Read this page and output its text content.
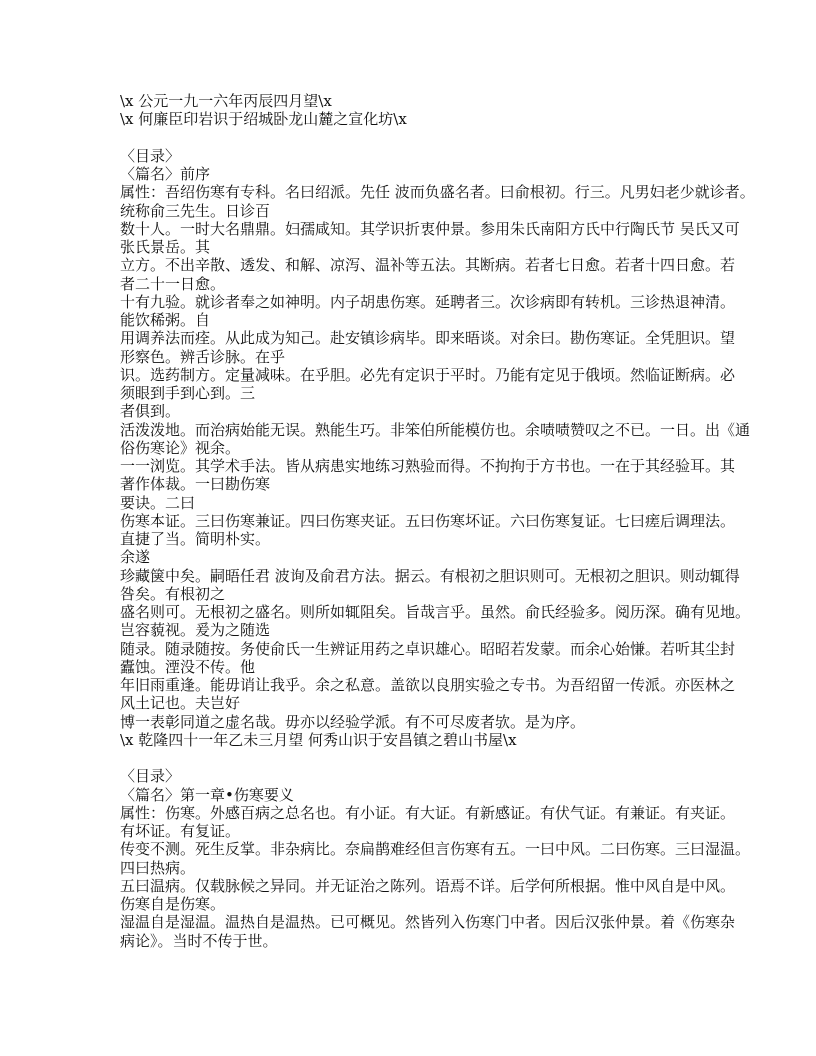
\x 公元一九一六年丙辰四月望\x
\x 何廉臣印岩识于绍城卧龙山麓之宣化坊\x
〈目录〉
〈篇名〉前序
属性：吾绍伤寒有专科。名曰绍派。先任 波而负盛名者。曰俞根初。行三。凡男妇老少就诊者。
统称俞三先生。日诊百
数十人。一时大名鼎鼎。妇孺咸知。其学识折衷仲景。参用朱氏南阳方氏中行陶氏节 吴氏又可
张氏景岳。其
立方。不出辛散、透发、和解、凉泻、温补等五法。其断病。若者七日愈。若者十四日愈。若
者二十一日愈。
十有九验。就诊者奉之如神明。内子胡患伤寒。延聘者三。次诊病即有转机。三诊热退神清。
能饮稀粥。自
用调养法而痊。从此成为知己。赴安镇诊病毕。即来晤谈。对余曰。勘伤寒证。全凭胆识。望
形察色。辨舌诊脉。在乎
识。选药制方。定量减味。在乎胆。必先有定识于平时。乃能有定见于俄顷。然临证断病。必
须眼到手到心到。三
者俱到。
活泼泼地。而治病始能无误。熟能生巧。非笨伯所能模仿也。余啧啧赞叹之不已。一日。出《通
俗伤寒论》视余。
一一浏览。其学术手法。皆从病患实地练习熟验而得。不拘拘于方书也。一在于其经验耳。其
著作体裁。一曰勘伤寒
要诀。二曰
伤寒本证。三曰伤寒兼证。四曰伤寒夹证。五曰伤寒坏证。六曰伤寒复证。七曰瘥后调理法。
直捷了当。简明朴实。
余遂
珍藏箧中矣。嗣晤任君 波询及俞君方法。据云。有根初之胆识则可。无根初之胆识。则动辄得
咎矣。有根初之
盛名则可。无根初之盛名。则所如辄阻矣。旨哉言乎。虽然。俞氏经验多。阅历深。确有见地。
岂容藐视。爰为之随选
随录。随录随按。务使俞氏一生辨证用药之卓识雄心。昭昭若发蒙。而余心始慊。若听其尘封
蠹蚀。湮没不传。他
年旧雨重逢。能毋诮让我乎。余之私意。盖欲以良朋实验之专书。为吾绍留一传派。亦医林之
风土记也。夫岂好
博一表彰同道之虚名哉。毋亦以经验学派。有不可尽废者欤。是为序。
\x 乾隆四十一年乙未三月望 何秀山识于安昌镇之碧山书屋\x
〈目录〉
〈篇名〉第一章•伤寒要义
属性：伤寒。外感百病之总名也。有小证。有大证。有新感证。有伏气证。有兼证。有夹证。
有坏证。有复证。
传变不测。死生反掌。非杂病比。奈扁鹊难经但言伤寒有五。一曰中风。二曰伤寒。三曰湿温。
四曰热病。
五曰温病。仅载脉候之异同。并无证治之陈列。语焉不详。后学何所根据。惟中风自是中风。
伤寒自是伤寒。
湿温自是湿温。温热自是温热。已可概见。然皆列入伤寒门中者。因后汉张仲景。着《伤寒杂
病论》。当时不传于世。
